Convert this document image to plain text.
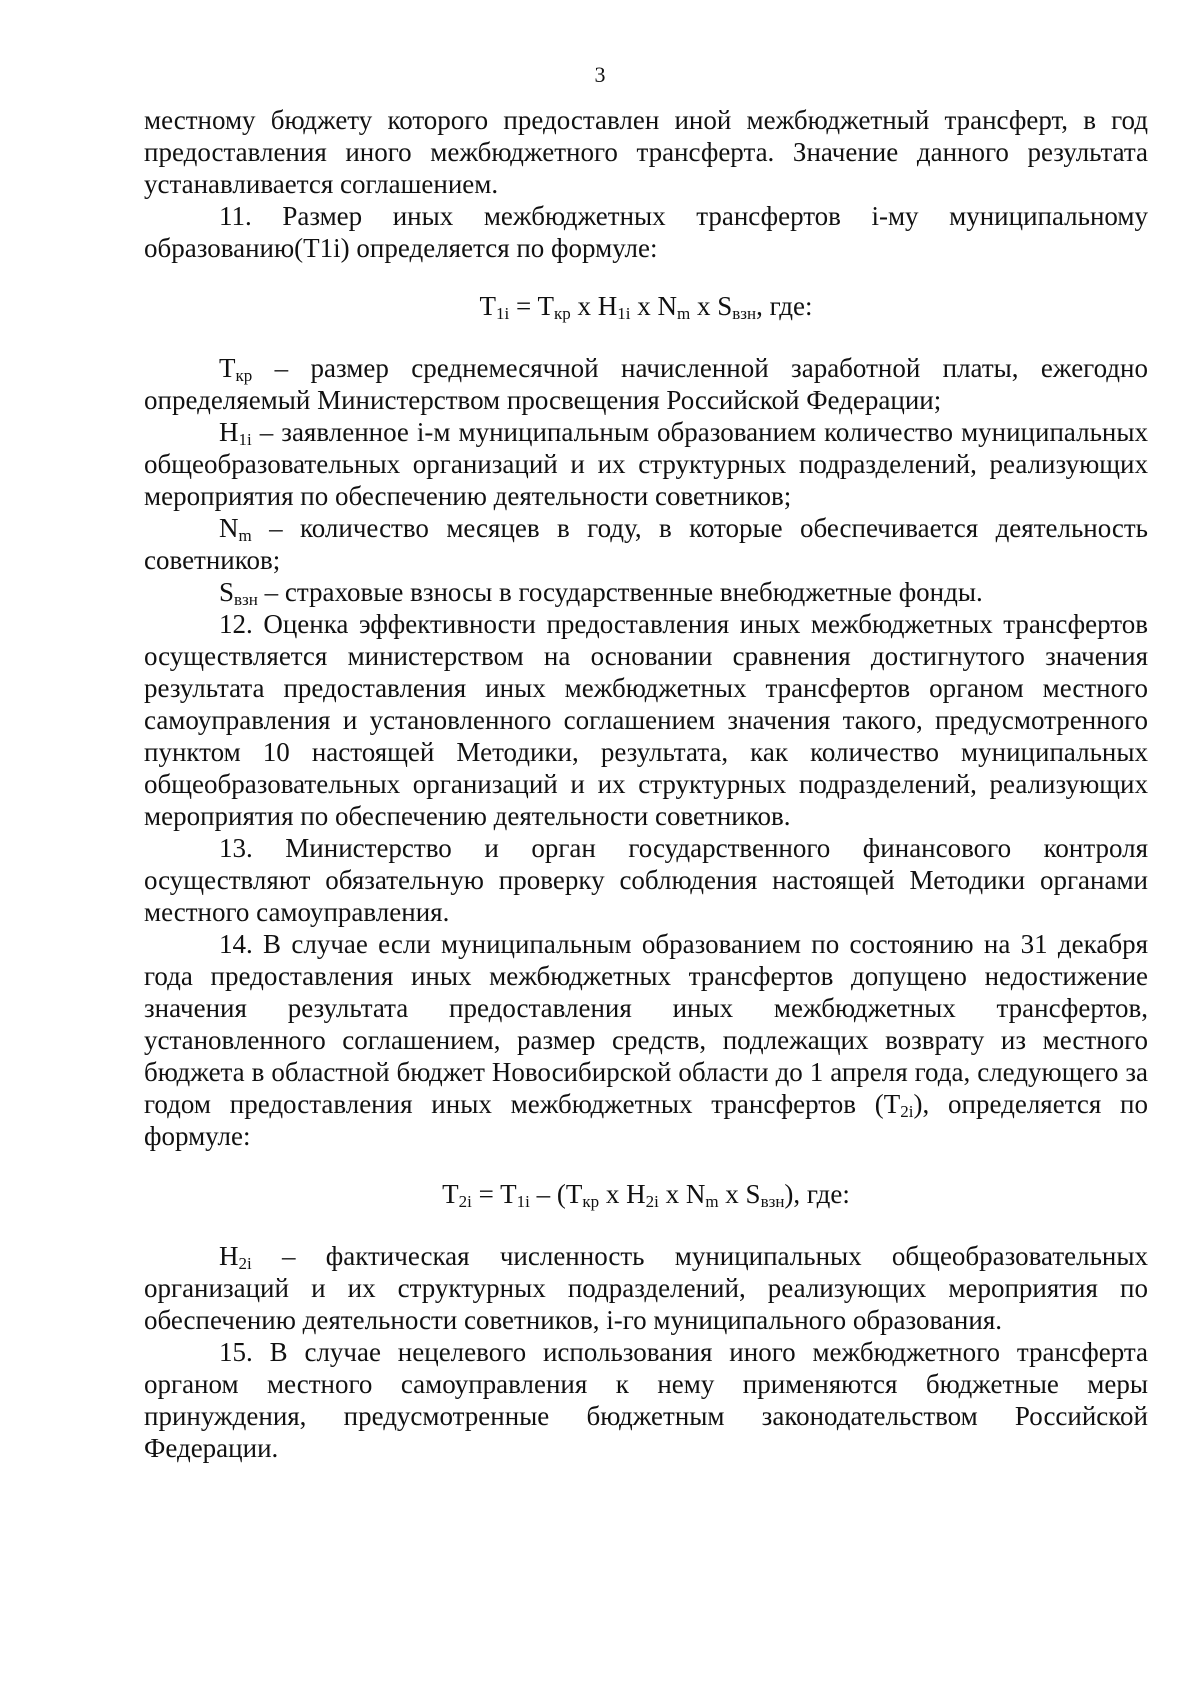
3

местному бюджету которого предоставлен иной межбюджетный трансферт, в год предоставления иного межбюджетного трансферта. Значение данного результата устанавливается соглашением.

11. Размер иных межбюджетных трансфертов i-му муниципальному образованию(T1i) определяется по формуле:

$T_{1i} = T_{кр}$ x $H_{1i}$ x $N_m$ x $S_{взн}$, где:

$T_{кр}$ – размер среднемесячной начисленной заработной платы, ежегодно определяемый Министерством просвещения Российской Федерации;

$H_{1i}$ – заявленное i-м муниципальным образованием количество муниципальных общеобразовательных организаций и их структурных подразделений, реализующих мероприятия по обеспечению деятельности советников;

$N_m$ – количество месяцев в году, в которые обеспечивается деятельность советников;

$S_{взн}$ – страховые взносы в государственные внебюджетные фонды.

12. Оценка эффективности предоставления иных межбюджетных трансфертов осуществляется министерством на основании сравнения достигнутого значения результата предоставления иных межбюджетных трансфертов органом местного самоуправления и установленного соглашением значения такого, предусмотренного пунктом 10 настоящей Методики, результата, как количество муниципальных общеобразовательных организаций и их структурных подразделений, реализующих мероприятия по обеспечению деятельности советников.

13. Министерство и орган государственного финансового контроля осуществляют обязательную проверку соблюдения настоящей Методики органами местного самоуправления.

14. В случае если муниципальным образованием по состоянию на 31 декабря года предоставления иных межбюджетных трансфертов допущено недостижение значения результата предоставления иных межбюджетных трансфертов, установленного соглашением, размер средств, подлежащих возврату из местного бюджета в областной бюджет Новосибирской области до 1 апреля года, следующего за годом предоставления иных межбюджетных трансфертов $(T_{2i})$, определяется по формуле:

$T_{2i} = T_{1i} - (T_{кр}$ x $H_{2i}$ x $N_m$ x $S_{взн}$), где:

$H_{2i}$ – фактическая численность муниципальных общеобразовательных организаций и их структурных подразделений, реализующих мероприятия по обеспечению деятельности советников, i-го муниципального образования.

15. В случае нецелевого использования иного межбюджетного трансферта органом местного самоуправления к нему применяются бюджетные меры принуждения, предусмотренные бюджетным законодательством Российской Федерации.
